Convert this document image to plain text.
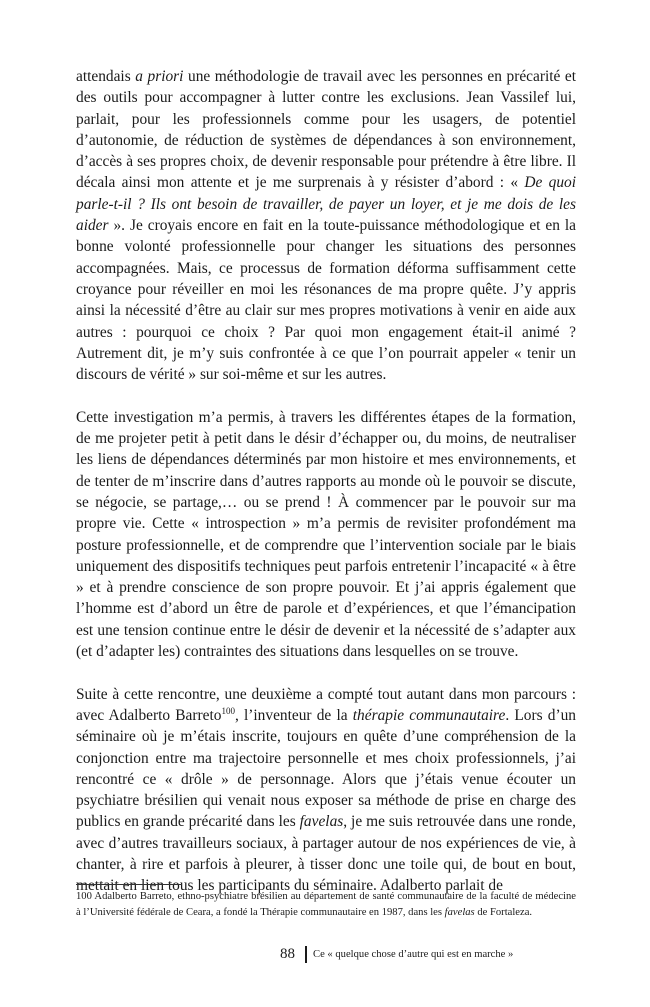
attendais a priori une méthodologie de travail avec les personnes en précarité et des outils pour accompagner à lutter contre les exclusions. Jean Vassilef lui, parlait, pour les professionnels comme pour les usagers, de potentiel d’autonomie, de réduction de systèmes de dépendances à son environnement, d’accès à ses propres choix, de devenir responsable pour prétendre à être libre. Il décala ainsi mon attente et je me surprenais à y résister d’abord : « De quoi parle-t-il ? Ils ont besoin de travailler, de payer un loyer, et je me dois de les aider ». Je croyais encore en fait en la toute-puissance méthodologique et en la bonne volonté professionnelle pour changer les situations des personnes accompagnées. Mais, ce processus de formation déforma suffisamment cette croyance pour réveiller en moi les résonances de ma propre quête. J’y appris ainsi la nécessité d’être au clair sur mes propres motivations à venir en aide aux autres : pourquoi ce choix ? Par quoi mon engagement était-il animé ? Autrement dit, je m’y suis confrontée à ce que l’on pourrait appeler « tenir un discours de vérité » sur soi-même et sur les autres.

Cette investigation m’a permis, à travers les différentes étapes de la formation, de me projeter petit à petit dans le désir d’échapper ou, du moins, de neutraliser les liens de dépendances déterminés par mon histoire et mes environnements, et de tenter de m’inscrire dans d’autres rapports au monde où le pouvoir se discute, se négocie, se partage,… ou se prend ! À commencer par le pouvoir sur ma propre vie. Cette « introspection » m’a permis de revisiter profondément ma posture professionnelle, et de comprendre que l’intervention sociale par le biais uniquement des dispositifs techniques peut parfois entretenir l’incapacité « à être » et à prendre conscience de son propre pouvoir. Et j’ai appris également que l’homme est d’abord un être de parole et d’expériences, et que l’émancipation est une tension continue entre le désir de devenir et la nécessité de s’adapter aux (et d’adapter les) contraintes des situations dans lesquelles on se trouve.

Suite à cette rencontre, une deuxième a compté tout autant dans mon parcours : avec Adalberto Barreto$^{100}$, l’inventeur de la thérapie communautaire. Lors d’un séminaire où je m’étais inscrite, toujours en quête d’une compréhension de la conjonction entre ma trajectoire personnelle et mes choix professionnels, j’ai rencontré ce « drôle » de personnage. Alors que j’étais venue écouter un psychiatre brésilien qui venait nous exposer sa méthode de prise en charge des publics en grande précarité dans les favelas, je me suis retrouvée dans une ronde, avec d’autres travailleurs sociaux, à partager autour de nos expériences de vie, à chanter, à rire et parfois à pleurer, à tisser donc une toile qui, de bout en bout, mettait en lien tous les participants du séminaire. Adalberto parlait de

100 Adalberto Barreto, ethno-psychiatre brésilien au département de santé communautaire de la faculté de médecine à l’Université fédérale de Ceara, a fondé la Thérapie communautaire en 1987, dans les favelas de Fortaleza.
88 Ce « quelque chose d’autre qui est en marche »
